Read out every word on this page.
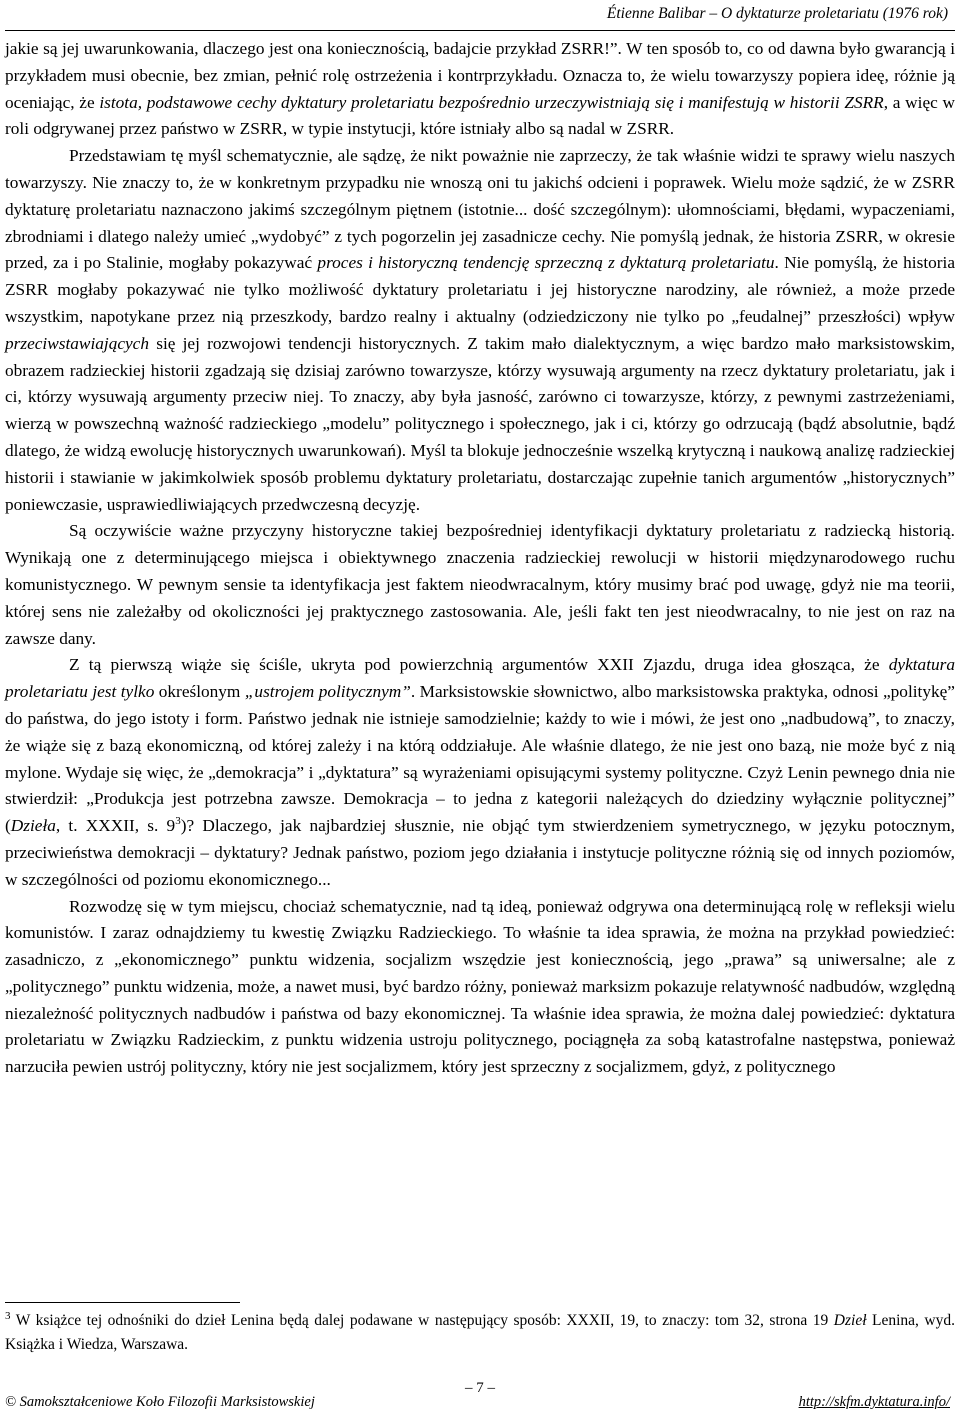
Étienne Balibar – O dyktaturze proletariatu (1976 rok)

jakie są jej uwarunkowania, dlaczego jest ona koniecznością, badajcie przykład ZSRR!”. W ten sposób to, co od dawna było gwarancją i przykładem musi obecnie, bez zmian, pełnić rolę ostrzeżenia i kontrprzykładu. Oznacza to, że wielu towarzyszy popiera ideę, różnie ją oceniając, że istota, podstawowe cechy dyktatury proletariatu bezpośrednio urzeczywistniają się i manifestują w historii ZSRR, a więc w roli odgrywanej przez państwo w ZSRR, w typie instytucji, które istniały albo są nadal w ZSRR.

Przedstawiam tę myśl schematycznie, ale sądzę, że nikt poważnie nie zaprzeczy, że tak właśnie widzi te sprawy wielu naszych towarzyszy. Nie znaczy to, że w konkretnym przypadku nie wnoszą oni tu jakichś odcieni i poprawek. Wielu może sądzić, że w ZSRR dyktaturę proletariatu naznaczono jakimś szczególnym piętnem (istotnie... dość szczególnym): ułomnościami, błędami, wypaczeniami, zbrodniami i dlatego należy umieć „wydobyć” z tych pogorzelin jej zasadnicze cechy. Nie pomyślą jednak, że historia ZSRR, w okresie przed, za i po Stalinie, mogłaby pokazywać proces i historyczną tendencję sprzeczną z dyktaturą proletariatu. Nie pomyślą, że historia ZSRR mogłaby pokazywać nie tylko możliwość dyktatury proletariatu i jej historyczne narodziny, ale również, a może przede wszystkim, napotykane przez nią przeszkody, bardzo realny i aktualny (odziedziczony nie tylko po „feudalnej” przeszłości) wpływ przeciwstawiających się jej rozwojowi tendencji historycznych. Z takim mało dialektycznym, a więc bardzo mało marksistowskim, obrazem radzieckiej historii zgadzają się dzisiaj zarówno towarzysze, którzy wysuwają argumenty na rzecz dyktatury proletariatu, jak i ci, którzy wysuwają argumenty przeciw niej. To znaczy, aby była jasność, zarówno ci towarzysze, którzy, z pewnymi zastrzeżeniami, wierzą w powszechną ważność radzieckiego „modelu” politycznego i społecznego, jak i ci, którzy go odrzucają (bądź absolutnie, bądź dlatego, że widzą ewolucję historycznych uwarunkowań). Myśl ta blokuje jednocześnie wszelką krytyczną i naukową analizę radzieckiej historii i stawianie w jakimkolwiek sposób problemu dyktatury proletariatu, dostarczając zupełnie tanich argumentów „historycznych” poniewczasie, usprawiedliwiających przedwczesną decyzję.

Są oczywiście ważne przyczyny historyczne takiej bezpośredniej identyfikacji dyktatury proletariatu z radziecką historią. Wynikają one z determinującego miejsca i obiektywnego znaczenia radzieckiej rewolucji w historii międzynarodowego ruchu komunistycznego. W pewnym sensie ta identyfikacja jest faktem nieodwracalnym, który musimy brać pod uwagę, gdyż nie ma teorii, której sens nie zależałby od okoliczności jej praktycznego zastosowania. Ale, jeśli fakt ten jest nieodwracalny, to nie jest on raz na zawsze dany.

Z tą pierwszą wiąże się ściśle, ukryta pod powierzchnią argumentów XXII Zjazdu, druga idea głosząca, że dyktatura proletariatu jest tylko określonym „ustrojem politycznym”. Marksistowskie słownictwo, albo marksistowska praktyka, odnosi „politykę” do państwa, do jego istoty i form. Państwo jednak nie istnieje samodzielnie; każdy to wie i mówi, że jest ono „nadbudową”, to znaczy, że wiąże się z bazą ekonomiczną, od której zależy i na którą oddziałuje. Ale właśnie dlatego, że nie jest ono bazą, nie może być z nią mylone. Wydaje się więc, że „demokracja” i „dyktatura” są wyrażeniami opisującymi systemy polityczne. Czyż Lenin pewnego dnia nie stwierdził: „Produkcja jest potrzebna zawsze. Demokracja – to jedna z kategorii należących do dziedziny wyłącznie politycznej” (Dzieła, t. XXXII, s. $9^3$)? Dlaczego, jak najbardziej słusznie, nie objąć tym stwierdzeniem symetrycznego, w języku potocznym, przeciwieństwa demokracji – dyktatury? Jednak państwo, poziom jego działania i instytucje polityczne różnią się od innych poziomów, w szczególności od poziomu ekonomicznego...

Rozwodzę się w tym miejscu, chociaż schematycznie, nad tą ideą, ponieważ odgrywa ona determinującą rolę w refleksji wielu komunistów. I zaraz odnajdziemy tu kwestię Związku Radzieckiego. To właśnie ta idea sprawia, że można na przykład powiedzieć: zasadniczo, z „ekonomicznego” punktu widzenia, socjalizm wszędzie jest koniecznością, jego „prawa” są uniwersalne; ale z „politycznego” punktu widzenia, może, a nawet musi, być bardzo różny, ponieważ marksizm pokazuje relatywność nadbudów, względną niezależność politycznych nadbudów i państwa od bazy ekonomicznej. Ta właśnie idea sprawia, że można dalej powiedzieć: dyktatura proletariatu w Związku Radzieckim, z punktu widzenia ustroju politycznego, pociągnęła za sobą katastrofalne następstwa, ponieważ narzuciła pewien ustrój polityczny, który nie jest socjalizmem, który jest sprzeczny z socjalizmem, gdyż, z politycznego

$^3$ W książce tej odnośniki do dzieł Lenina będą dalej podawane w następujący sposób: XXXII, 19, to znaczy: tom 32, strona 19 Dzieł Lenina, wyd. Książka i Wiedza, Warszawa.
– 7 –
© Samokształceniowe Koło Filozofii Marksistowskiej	http://skfm.dyktatura.info/
